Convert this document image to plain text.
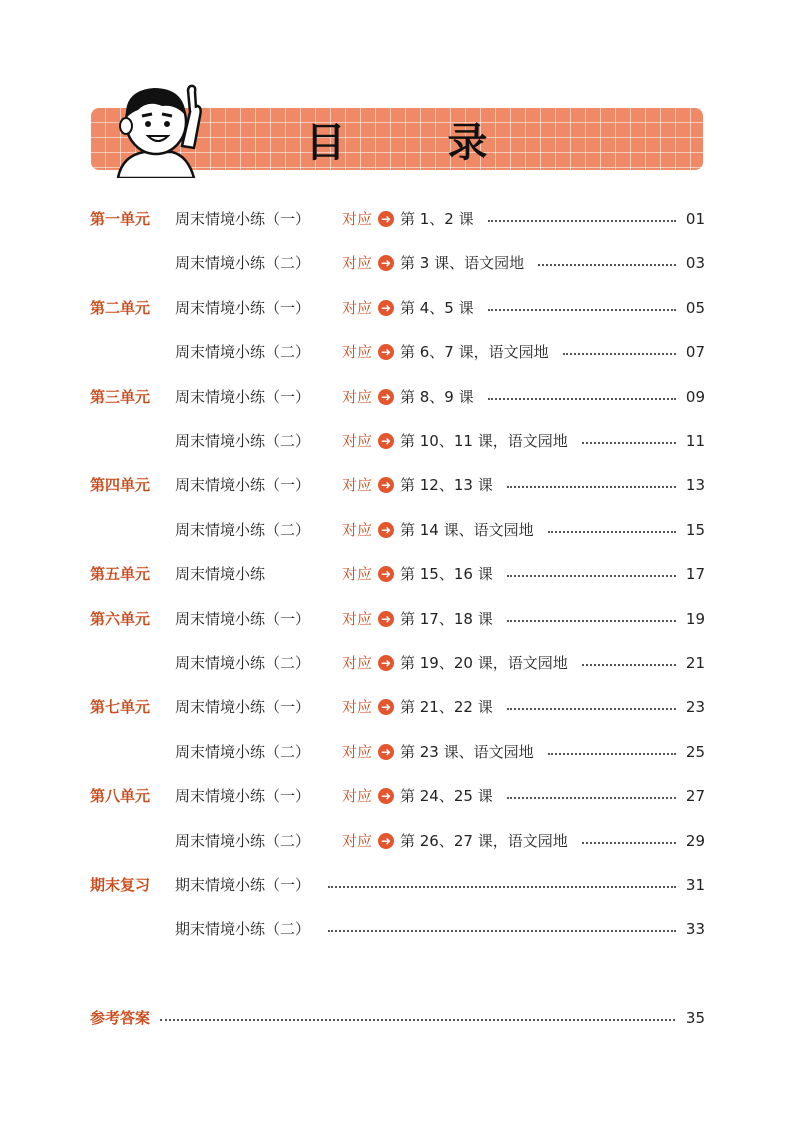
目 录
第一单元 周末情境小练（一） 对应 ➜ 第 1、2 课	01
周末情境小练（二） 对应 ➜ 第 3 课、语文园地	03
第二单元 周末情境小练（一） 对应 ➜ 第 4、5 课	05
周末情境小练（二） 对应 ➜ 第 6、7 课，语文园地	07
第三单元 周末情境小练（一） 对应 ➜ 第 8、9 课	09
周末情境小练（二） 对应 ➜ 第 10、11 课，语文园地	11
第四单元 周末情境小练（一） 对应 ➜ 第 12、13 课	13
周末情境小练（二） 对应 ➜ 第 14 课、语文园地	15
第五单元 周末情境小练	对应 ➜ 第 15、16 课	17
第六单元 周末情境小练（一） 对应 ➜ 第 17、18 课	19
周末情境小练（二） 对应 ➜ 第 19、20 课，语文园地	21
第七单元 周末情境小练（一） 对应 ➜ 第 21、22 课	23
周末情境小练（二） 对应 ➜ 第 23 课、语文园地	25
第八单元 周末情境小练（一） 对应 ➜ 第 24、25 课	27
周末情境小练（二） 对应 ➜ 第 26、27 课，语文园地	29
期末复习 期末情境小练（一）	31
期末情境小练（二）	33
参考答案	35
